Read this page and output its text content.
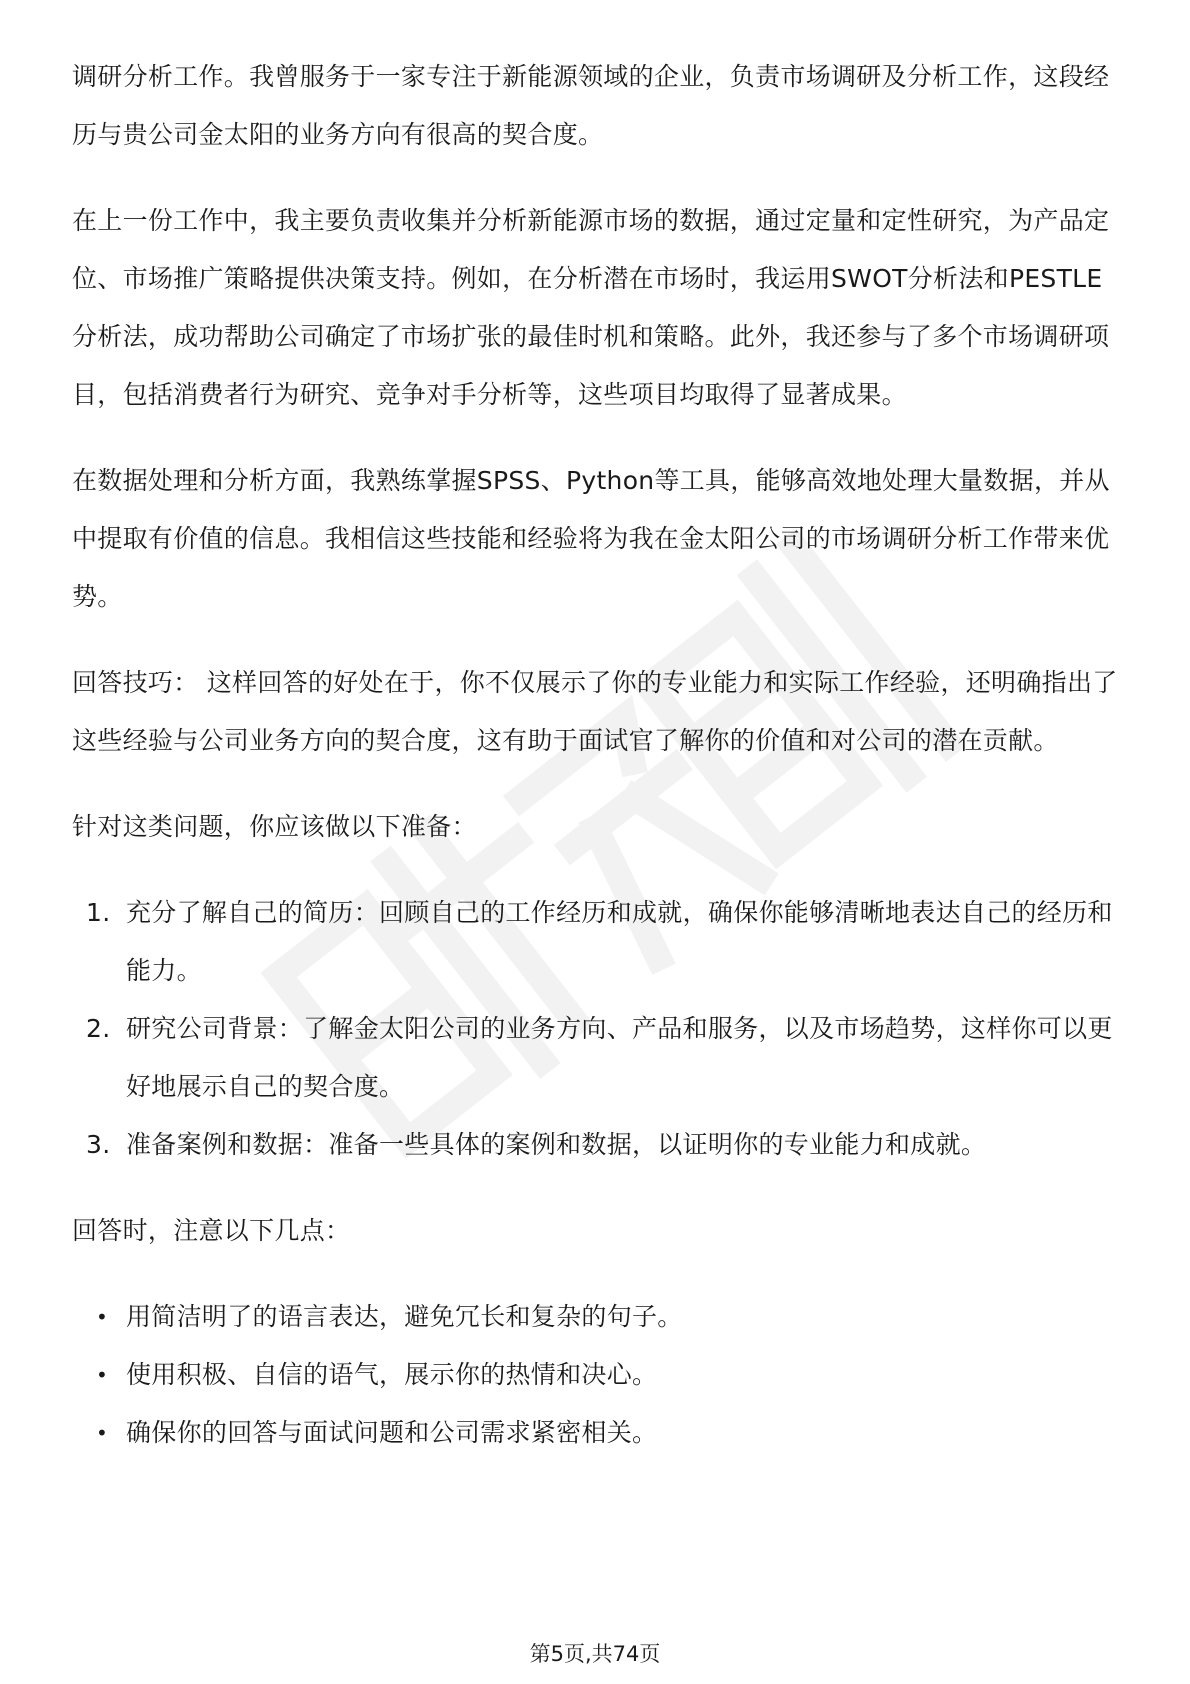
调研分析工作。我曾服务于一家专注于新能源领域的企业，负责市场调研及分析工作，这段经历与贵公司金太阳的业务方向有很高的契合度。

在上一份工作中，我主要负责收集并分析新能源市场的数据，通过定量和定性研究，为产品定位、市场推广策略提供决策支持。例如，在分析潜在市场时，我运用SWOT分析法和PESTLE分析法，成功帮助公司确定了市场扩张的最佳时机和策略。此外，我还参与了多个市场调研项目，包括消费者行为研究、竞争对手分析等，这些项目均取得了显著成果。

在数据处理和分析方面，我熟练掌握SPSS、Python等工具，能够高效地处理大量数据，并从中提取有价值的信息。我相信这些技能和经验将为我在金太阳公司的市场调研分析工作带来优势。

回答技巧： 这样回答的好处在于，你不仅展示了你的专业能力和实际工作经验，还明确指出了这些经验与公司业务方向的契合度，这有助于面试官了解你的价值和对公司的潜在贡献。

针对这类问题，你应该做以下准备：

1. 充分了解自己的简历：回顾自己的工作经历和成就，确保你能够清晰地表达自己的经历和能力。
2. 研究公司背景：了解金太阳公司的业务方向、产品和服务，以及市场趋势，这样你可以更好地展示自己的契合度。
3. 准备案例和数据：准备一些具体的案例和数据，以证明你的专业能力和成就。

回答时，注意以下几点：

• 用简洁明了的语言表达，避免冗长和复杂的句子。
• 使用积极、自信的语气，展示你的热情和决心。
• 确保你的回答与面试问题和公司需求紧密相关。
第5页,共74页
